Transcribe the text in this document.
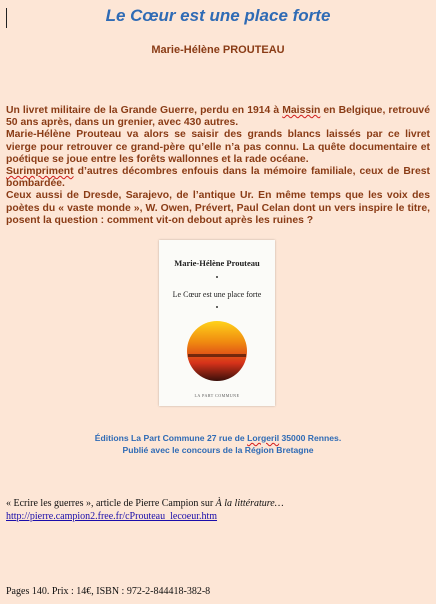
Le Cœur est une place forte
Marie-Hélène PROUTEAU

Un livret militaire de la Grande Guerre, perdu en 1914 à Maissin en Belgique, retrouvé 50 ans après, dans un grenier, avec 430 autres.

Marie-Hélène Prouteau va alors se saisir des grands blancs laissés par ce livret vierge pour retrouver ce grand-père qu’elle n’a pas connu. La quête documentaire et poétique se joue entre les forêts wallonnes et la rade océane.

Surimpriment d’autres décombres enfouis dans la mémoire familiale, ceux de Brest bombardée.

Ceux aussi de Dresde, Sarajevo, de l’antique Ur. En même temps que les voix des poètes du « vaste monde », W. Owen, Prévert, Paul Celan dont un vers inspire le titre, posent la question : comment vit-on debout après les ruines ?

Marie-Hélène Prouteau
Le Cœur est une place forte
LA PART COMMUNE
Éditions La Part Commune 27 rue de Lorgeril 35000 Rennes.
Publié avec le concours de la Région Bretagne
« Ecrire les guerres », article de Pierre Campion sur À la littérature…
http://pierre.campion2.free.fr/cProuteau_lecoeur.htm
Pages 140. Prix : 14€, ISBN : 972-2-844418-382-8
